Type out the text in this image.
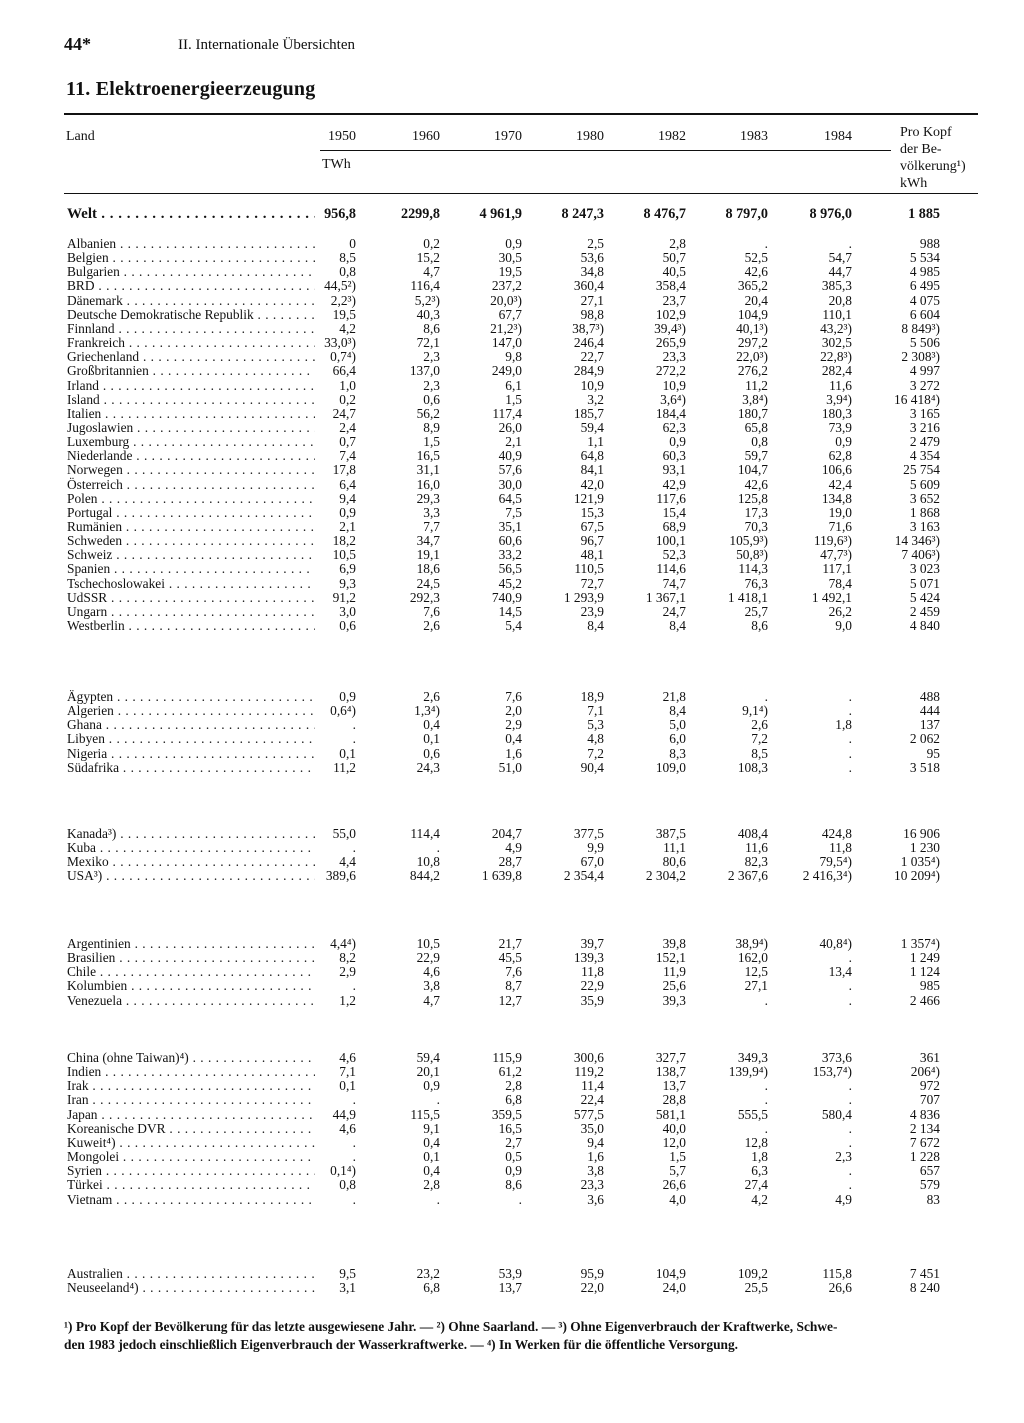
44*	II. Internationale Übersichten
11. Elektroenergieerzeugung
Land	1950	1960	1970	1980	1982	1983	1984
TWh
Pro Kopf
der Be-
völkerung¹)
kWh
Welt . . .	956,8	2299,8	4 961,9	8 247,3	8 476,7	8 797,0	8 976,0	1 885
Albanien . . .	0	0,2	0,9	2,5	2,8	.	.	988
Belgien . . .	8,5	15,2	30,5	53,6	50,7	52,5	54,7	5 534
Bulgarien . . .	0,8	4,7	19,5	34,8	40,5	42,6	44,7	4 985
BRD . . .	44,5²)	116,4	237,2	360,4	358,4	365,2	385,3	6 495
Dänemark . . .	2,2³)	5,2³)	20,0³)	27,1	23,7	20,4	20,8	4 075
Deutsche Demokratische Republik . . .	19,5	40,3	67,7	98,8	102,9	104,9	110,1	6 604
Finnland . . .	4,2	8,6	21,2³)	38,7³)	39,4³)	40,1³)	43,2³)	8 849³)
Frankreich . . .	33,0³)	72,1	147,0	246,4	265,9	297,2	302,5	5 506
Griechenland . . .	0,7⁴)	2,3	9,8	22,7	23,3	22,0³)	22,8³)	2 308³)
Großbritannien . . .	66,4	137,0	249,0	284,9	272,2	276,2	282,4	4 997
Irland . . .	1,0	2,3	6,1	10,9	10,9	11,2	11,6	3 272
Island . . .	0,2	0,6	1,5	3,2	3,6⁴)	3,8⁴)	3,9⁴)	16 418⁴)
Italien . . .	24,7	56,2	117,4	185,7	184,4	180,7	180,3	3 165
Jugoslawien . . .	2,4	8,9	26,0	59,4	62,3	65,8	73,9	3 216
Luxemburg . . .	0,7	1,5	2,1	1,1	0,9	0,8	0,9	2 479
Niederlande . . .	7,4	16,5	40,9	64,8	60,3	59,7	62,8	4 354
Norwegen . . .	17,8	31,1	57,6	84,1	93,1	104,7	106,6	25 754
Österreich . . .	6,4	16,0	30,0	42,0	42,9	42,6	42,4	5 609
Polen . . .	9,4	29,3	64,5	121,9	117,6	125,8	134,8	3 652
Portugal . . .	0,9	3,3	7,5	15,3	15,4	17,3	19,0	1 868
Rumänien . . .	2,1	7,7	35,1	67,5	68,9	70,3	71,6	3 163
Schweden . . .	18,2	34,7	60,6	96,7	100,1	105,9³)	119,6³)	14 346³)
Schweiz . . .	10,5	19,1	33,2	48,1	52,3	50,8³)	47,7³)	7 406³)
Spanien . . .	6,9	18,6	56,5	110,5	114,6	114,3	117,1	3 023
Tschechoslowakei . . .	9,3	24,5	45,2	72,7	74,7	76,3	78,4	5 071
UdSSR . . .	91,2	292,3	740,9	1 293,9	1 367,1	1 418,1	1 492,1	5 424
Ungarn . . .	3,0	7,6	14,5	23,9	24,7	25,7	26,2	2 459
Westberlin . . .	0,6	2,6	5,4	8,4	8,4	8,6	9,0	4 840
Ägypten . . .	0,9	2,6	7,6	18,9	21,8	.	.	488
Algerien . . .	0,6⁴)	1,3⁴)	2,0	7,1	8,4	9,1⁴)	.	444
Ghana . . .	.	0,4	2,9	5,3	5,0	2,6	1,8	137
Libyen . . .	.	0,1	0,4	4,8	6,0	7,2	.	2 062
Nigeria . . .	0,1	0,6	1,6	7,2	8,3	8,5	.	95
Südafrika . . .	11,2	24,3	51,0	90,4	109,0	108,3	.	3 518
Kanada³) . . .	55,0	114,4	204,7	377,5	387,5	408,4	424,8	16 906
Kuba . . .	.	.	4,9	9,9	11,1	11,6	11,8	1 230
Mexiko . . .	4,4	10,8	28,7	67,0	80,6	82,3	79,5⁴)	1 035⁴)
USA³) . . .	389,6	844,2	1 639,8	2 354,4	2 304,2	2 367,6	2 416,3⁴)	10 209⁴)
Argentinien . . .	4,4⁴)	10,5	21,7	39,7	39,8	38,9⁴)	40,8⁴)	1 357⁴)
Brasilien . . .	8,2	22,9	45,5	139,3	152,1	162,0	.	1 249
Chile . . .	2,9	4,6	7,6	11,8	11,9	12,5	13,4	1 124
Kolumbien . . .	.	3,8	8,7	22,9	25,6	27,1	.	985
Venezuela . . .	1,2	4,7	12,7	35,9	39,3	.	.	2 466
China (ohne Taiwan)⁴) . . .	4,6	59,4	115,9	300,6	327,7	349,3	373,6	361
Indien . . .	7,1	20,1	61,2	119,2	138,7	139,9⁴)	153,7⁴)	206⁴)
Irak . . .	0,1	0,9	2,8	11,4	13,7	.	.	972
Iran . . .	.	.	6,8	22,4	28,8	.	.	707
Japan . . .	44,9	115,5	359,5	577,5	581,1	555,5	580,4	4 836
Koreanische DVR . . .	4,6	9,1	16,5	35,0	40,0	.	.	2 134
Kuweit⁴) . . .	.	0,4	2,7	9,4	12,0	12,8	.	7 672
Mongolei . . .	.	0,1	0,5	1,6	1,5	1,8	2,3	1 228
Syrien . . .	0,1⁴)	0,4	0,9	3,8	5,7	6,3	.	657
Türkei . . .	0,8	2,8	8,6	23,3	26,6	27,4	.	579
Vietnam . . .	.	.	.	3,6	4,0	4,2	4,9	83
Australien . . .	9,5	23,2	53,9	95,9	104,9	109,2	115,8	7 451
Neuseeland⁴) . . .	3,1	6,8	13,7	22,0	24,0	25,5	26,6	8 240

¹) Pro Kopf der Bevölkerung für das letzte ausgewiesene Jahr. — ²) Ohne Saarland. — ³) Ohne Eigenverbrauch der Kraftwerke, Schwe-

den 1983 jedoch einschließlich Eigenverbrauch der Wasserkraftwerke. — ⁴) In Werken für die öffentliche Versorgung.
